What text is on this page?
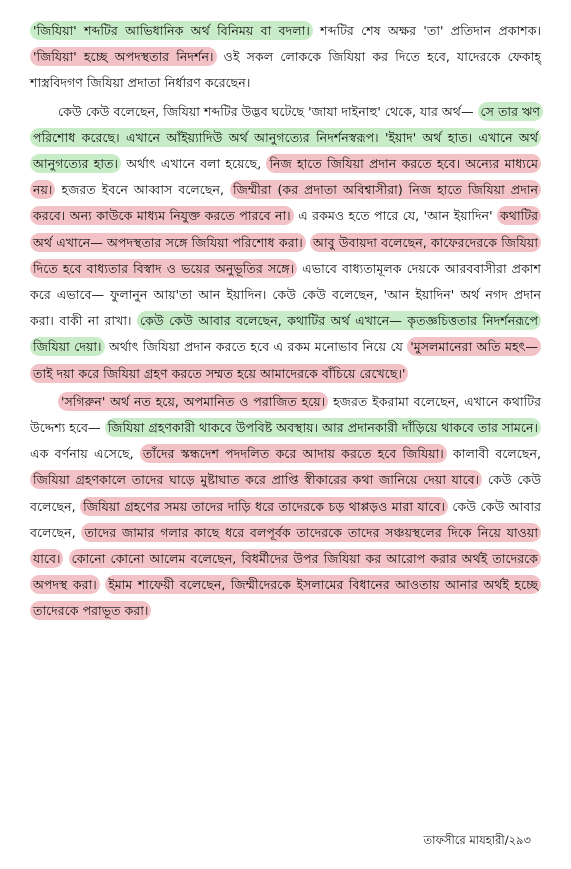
'জিযিয়া' শব্দটির আভিধানিক অর্থ বিনিময় বা বদলা। শব্দটির শেষ অক্ষর 'তা' প্রতিদান প্রকাশক। 'জিযিয়া' হচ্ছে অপদস্থতার নিদর্শন। ওই সকল লোককে জিযিয়া কর দিতে হবে, যাদেরকে ফেকাহ্‌ শাস্ত্রবিদগণ জিযিয়া প্রদাতা নির্ধারণ করেছেন।

কেউ কেউ বলেছেন, জিযিয়া শব্দটির উদ্ভব ঘটেছে 'জাযা দাইনাহু' থেকে, যার অর্থ— সে তার ঋণ পরিশোধ করেছে। এখানে আঁইয়্যাদিউ অর্থ আনুগত্যের নিদর্শনস্বরূপ। 'ইয়াদ' অর্থ হাত। এখানে অর্থ আনুগত্যের হাত। অর্থাৎ এখানে বলা হয়েছে, নিজ হাতে জিযিয়া প্রদান করতে হবে। অন্যের মাধ্যমে নয়। হজরত ইবনে আব্বাস বলেছেন, জিম্মীরা (কর প্রদাতা অবিশ্বাসীরা) নিজ হাতে জিযিয়া প্রদান করবে। অন্য কাউকে মাধ্যম নিযুক্ত করতে পারবে না। এ রকমও হতে পারে যে, 'আন ইয়াদিন' কথাটির অর্থ এখানে— অপদস্থতার সঙ্গে জিযিয়া পরিশোধ করা। আবু উবায়দা বলেছেন, কাফেরদেরকে জিযিয়া দিতে হবে বাধ্যতার বিস্বাদ ও ভয়ের অনুভূতির সঙ্গে। এভাবে বাধ্যতামূলক দেয়কে আরববাসীরা প্রকাশ করে এভাবে— ফুলানুন আয়'তা আন ইয়াদিন। কেউ কেউ বলেছেন, 'আন ইয়াদিন' অর্থ নগদ প্রদান করা। বাকী না রাখা। কেউ কেউ আবার বলেছেন, কথাটির অর্থ এখানে— কৃতজ্ঞচিত্ততার নিদর্শনরূপে জিযিয়া দেয়া। অর্থাৎ জিযিয়া প্রদান করতে হবে এ রকম মনোভাব নিয়ে যে 'মুসলমানেরা অতি মহৎ— তাই দয়া করে জিযিয়া গ্রহণ করতে সম্মত হয়ে আমাদেরকে বাঁচিয়ে রেখেছে।'

'সগিরুন' অর্থ নত হয়ে, অপমানিত ও পরাজিত হয়ে। হজরত ইকরামা বলেছেন, এখানে কথাটির উদ্দেশ্য হবে— জিযিয়া গ্রহণকারী থাকবে উপবিষ্ট অবস্থায়। আর প্রদানকারী দাঁড়িয়ে থাকবে তার সামনে। এক বর্ণনায় এসেছে, তাঁদের স্কন্ধদেশ পদদলিত করে আদায় করতে হবে জিযিয়া। কালাবী বলেছেন, জিযিয়া গ্রহণকালে তাদের ঘাড়ে মুষ্টাঘাত করে প্রাপ্তি স্বীকারের কথা জানিয়ে দেয়া যাবে। কেউ কেউ বলেছেন, জিযিয়া গ্রহণের সময় তাদের দাড়ি ধরে তাদেরকে চড় থাপ্পড়ও মারা যাবে। কেউ কেউ আবার বলেছেন, তাদের জামার গলার কাছে ধরে বলপূর্বক তাদেরকে তাদের সঞ্চয়স্থলের দিকে নিয়ে যাওয়া যাবে। কোনো কোনো আলেম বলেছেন, বিধর্মীদের উপর জিযিয়া কর আরোপ করার অর্থই তাদেরকে অপদস্থ করা। ইমাম শাফেয়ী বলেছেন, জিম্মীদেরকে ইসলামের বিধানের আওতায় আনার অর্থই হচ্ছে তাদেরকে পরাভূত করা।

তাফসীরে মাযহারী/২৯৩
